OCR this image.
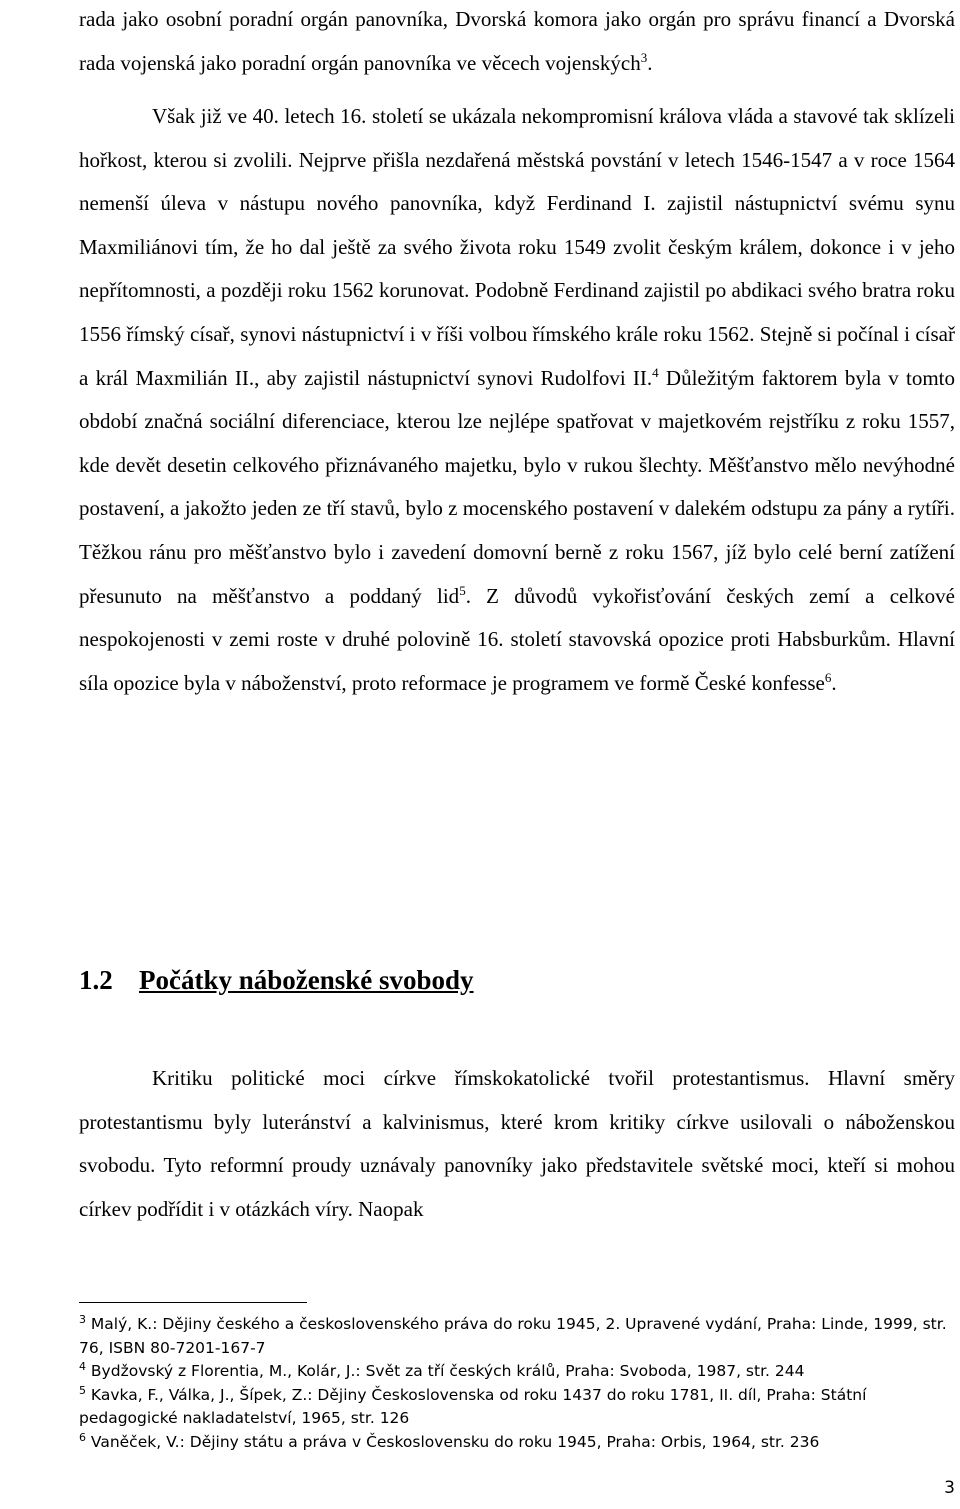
rada jako osobní poradní orgán panovníka, Dvorská komora jako orgán pro správu financí a Dvorská rada vojenská jako poradní orgán panovníka ve věcech vojenských$^3$.

Však již ve 40. letech 16. století se ukázala nekompromisní králova vláda a stavové tak sklízeli hořkost, kterou si zvolili. Nejprve přišla nezdařená městská povstání v letech 1546-1547 a v roce 1564 nemenší úleva v nástupu nového panovníka, když Ferdinand I. zajistil nástupnictví svému synu Maxmiliánovi tím, že ho dal ještě za svého života roku 1549 zvolit českým králem, dokonce i v jeho nepřítomnosti, a později roku 1562 korunovat. Podobně Ferdinand zajistil po abdikaci svého bratra roku 1556 římský císař, synovi nástupnictví i v říši volbou římského krále roku 1562. Stejně si počínal i císař a král Maxmilián II., aby zajistil nástupnictví synovi Rudolfovi II.$^4$ Důležitým faktorem byla v tomto období značná sociální diferenciace, kterou lze nejlépe spatřovat v majetkovém rejstříku z roku 1557, kde devět desetin celkového přiznávaného majetku, bylo v rukou šlechty. Měšťanstvo mělo nevýhodné postavení, a jakožto jeden ze tří stavů, bylo z mocenského postavení v dalekém odstupu za pány a rytíři. Těžkou ránu pro měšťanstvo bylo i zavedení domovní berně z roku 1567, jíž bylo celé berní zatížení přesunuto na měšťanstvo a poddaný lid$^5$. Z důvodů vykořisťování českých zemí a celkové nespokojenosti v zemi roste v druhé polovině 16. století stavovská opozice proti Habsburkům. Hlavní síla opozice byla v náboženství, proto reformace je programem ve formě České konfesse$^6$.

1.2 Počátky náboženské svobody

Kritiku politické moci církve římskokatolické tvořil protestantismus. Hlavní směry protestantismu byly luteránství a kalvinismus, které krom kritiky církve usilovali o náboženskou svobodu. Tyto reformní proudy uznávaly panovníky jako představitele světské moci, kteří si mohou církev podřídit i v otázkách víry. Naopak

$^3$ Malý, K.: Dějiny českého a československého práva do roku 1945, 2. Upravené vydání, Praha: Linde, 1999, str. 76, ISBN 80-7201-167-7

$^4$ Bydžovský z Florentia, M., Kolár, J.: Svět za tří českých králů, Praha: Svoboda, 1987, str. 244

$^5$ Kavka, F., Válka, J., Šípek, Z.: Dějiny Československa od roku 1437 do roku 1781, II. díl, Praha: Státní pedagogické nakladatelství, 1965, str. 126

$^6$ Vaněček, V.: Dějiny státu a práva v Československu do roku 1945, Praha: Orbis, 1964, str. 236

3
